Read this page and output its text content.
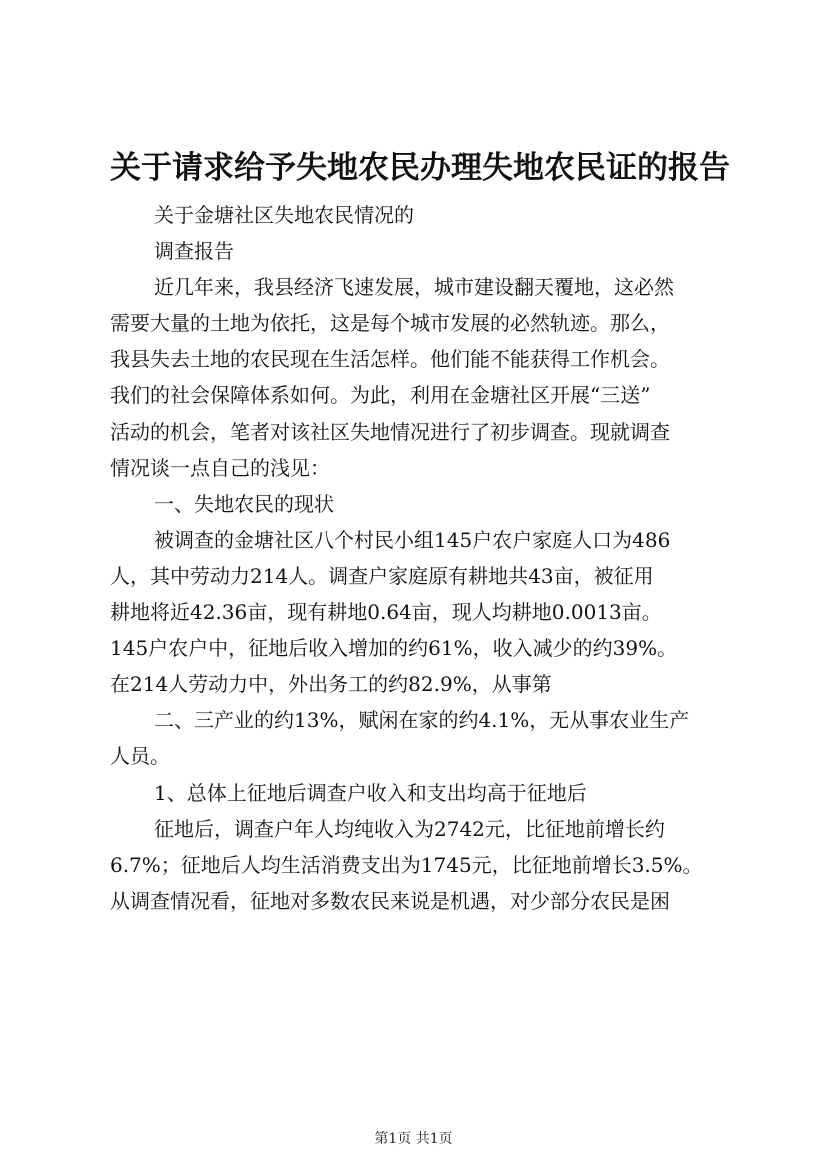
关于请求给予失地农民办理失地农民证的报告

关于金塘社区失地农民情况的

调查报告

近几年来，我县经济飞速发展，城市建设翻天覆地，这必然

需要大量的土地为依托，这是每个城市发展的必然轨迹。那么，

我县失去土地的农民现在生活怎样。他们能不能获得工作机会。

我们的社会保障体系如何。为此，利用在金塘社区开展“三送”

活动的机会，笔者对该社区失地情况进行了初步调查。现就调查

情况谈一点自己的浅见：

一、失地农民的现状

被调查的金塘社区八个村民小组145户农户家庭人口为486

人，其中劳动力214人。调查户家庭原有耕地共43亩，被征用

耕地将近42.36亩，现有耕地0.64亩，现人均耕地0.0013亩。

145户农户中，征地后收入增加的约61%，收入减少的约39%。

在214人劳动力中，外出务工的约82.9%，从事第

二、三产业的约13%，赋闲在家的约4.1%，无从事农业生产

人员。

1、总体上征地后调查户收入和支出均高于征地后

征地后，调查户年人均纯收入为2742元，比征地前增长约

6.7%；征地后人均生活消费支出为1745元，比征地前增长3.5%。

从调查情况看，征地对多数农民来说是机遇，对少部分农民是困

第1页 共1页
